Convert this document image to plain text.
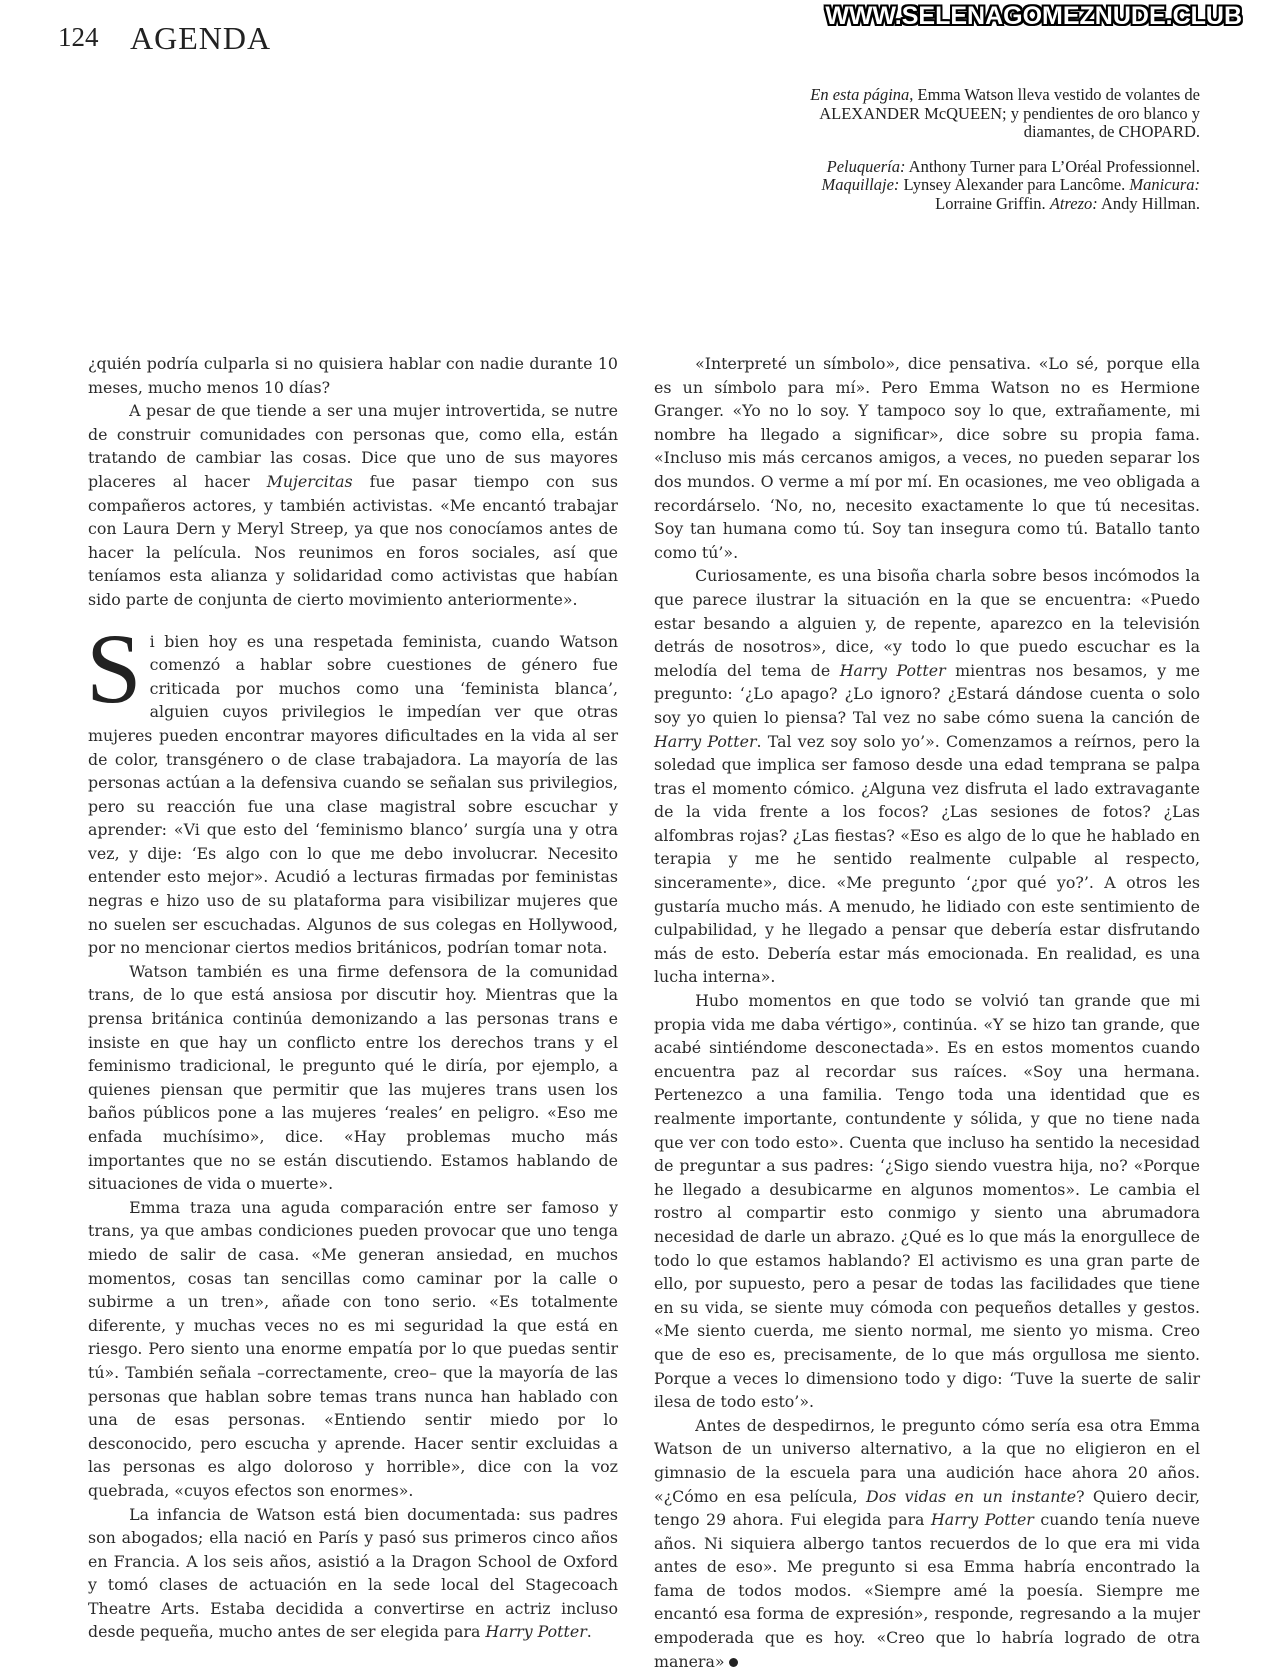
124 AGENDA
WWW.SELENAGOMEZNUDE.CLUB

En esta página, Emma Watson lleva vestido de volantes de ALEXANDER McQUEEN; y pendientes de oro blanco y diamantes, de CHOPARD.

Peluquería: Anthony Turner para L’Oréal Professionnel. Maquillaje: Lynsey Alexander para Lancôme. Manicura: Lorraine Griffin. Atrezo: Andy Hillman.

¿quién podría culparla si no quisiera hablar con nadie durante 10 meses, mucho menos 10 días?

A pesar de que tiende a ser una mujer introvertida, se nutre de construir comunidades con personas que, como ella, están tratando de cambiar las cosas. Dice que uno de sus mayores placeres al hacer Mujercitas fue pasar tiempo con sus compañeros actores, y también activistas. «Me encantó trabajar con Laura Dern y Meryl Streep, ya que nos conocíamos antes de hacer la película. Nos reunimos en foros sociales, así que teníamos esta alianza y solidaridad como activistas que habían sido parte de conjunta de cierto movimiento anteriormente».

Si bien hoy es una respetada feminista, cuando Watson comenzó a hablar sobre cuestiones de género fue criticada por muchos como una ‘feminista blanca’, alguien cuyos privilegios le impedían ver que otras mujeres pueden encontrar mayores dificultades en la vida al ser de color, transgénero o de clase trabajadora. La mayoría de las personas actúan a la defensiva cuando se señalan sus privilegios, pero su reacción fue una clase magistral sobre escuchar y aprender: «Vi que esto del ‘feminismo blanco’ surgía una y otra vez, y dije: ‘Es algo con lo que me debo involucrar. Necesito entender esto mejor». Acudió a lecturas firmadas por feministas negras e hizo uso de su plataforma para visibilizar mujeres que no suelen ser escuchadas. Algunos de sus colegas en Hollywood, por no mencionar ciertos medios británicos, podrían tomar nota.

Watson también es una firme defensora de la comunidad trans, de lo que está ansiosa por discutir hoy. Mientras que la prensa británica continúa demonizando a las personas trans e insiste en que hay un conflicto entre los derechos trans y el feminismo tradicional, le pregunto qué le diría, por ejemplo, a quienes piensan que permitir que las mujeres trans usen los baños públicos pone a las mujeres ‘reales’ en peligro. «Eso me enfada muchísimo», dice. «Hay problemas mucho más importantes que no se están discutiendo. Estamos hablando de situaciones de vida o muerte».

Emma traza una aguda comparación entre ser famoso y trans, ya que ambas condiciones pueden provocar que uno tenga miedo de salir de casa. «Me generan ansiedad, en muchos momentos, cosas tan sencillas como caminar por la calle o subirme a un tren», añade con tono serio. «Es totalmente diferente, y muchas veces no es mi seguridad la que está en riesgo. Pero siento una enorme empatía por lo que puedas sentir tú». También señala –correctamente, creo– que la mayoría de las personas que hablan sobre temas trans nunca han hablado con una de esas personas. «Entiendo sentir miedo por lo desconocido, pero escucha y aprende. Hacer sentir excluidas a las personas es algo doloroso y horrible», dice con la voz quebrada, «cuyos efectos son enormes».

La infancia de Watson está bien documentada: sus padres son abogados; ella nació en París y pasó sus primeros cinco años en Francia. A los seis años, asistió a la Dragon School de Oxford y tomó clases de actuación en la sede local del Stagecoach Theatre Arts. Estaba decidida a convertirse en actriz incluso desde pequeña, mucho antes de ser elegida para Harry Potter.

«Interpreté un símbolo», dice pensativa. «Lo sé, porque ella es un símbolo para mí». Pero Emma Watson no es Hermione Granger. «Yo no lo soy. Y tampoco soy lo que, extrañamente, mi nombre ha llegado a significar», dice sobre su propia fama. «Incluso mis más cercanos amigos, a veces, no pueden separar los dos mundos. O verme a mí por mí. En ocasiones, me veo obligada a recordárselo. ‘No, no, necesito exactamente lo que tú necesitas. Soy tan humana como tú. Soy tan insegura como tú. Batallo tanto como tú’».

Curiosamente, es una bisoña charla sobre besos incómodos la que parece ilustrar la situación en la que se encuentra: «Puedo estar besando a alguien y, de repente, aparezco en la televisión detrás de nosotros», dice, «y todo lo que puedo escuchar es la melodía del tema de Harry Potter mientras nos besamos, y me pregunto: ‘¿Lo apago? ¿Lo ignoro? ¿Estará dándose cuenta o solo soy yo quien lo piensa? Tal vez no sabe cómo suena la canción de Harry Potter. Tal vez soy solo yo’». Comenzamos a reírnos, pero la soledad que implica ser famoso desde una edad temprana se palpa tras el momento cómico. ¿Alguna vez disfruta el lado extravagante de la vida frente a los focos? ¿Las sesiones de fotos? ¿Las alfombras rojas? ¿Las fiestas? «Eso es algo de lo que he hablado en terapia y me he sentido realmente culpable al respecto, sinceramente», dice. «Me pregunto ‘¿por qué yo?’. A otros les gustaría mucho más. A menudo, he lidiado con este sentimiento de culpabilidad, y he llegado a pensar que debería estar disfrutando más de esto. Debería estar más emocionada. En realidad, es una lucha interna».

Hubo momentos en que todo se volvió tan grande que mi propia vida me daba vértigo», continúa. «Y se hizo tan grande, que acabé sintiéndome desconectada». Es en estos momentos cuando encuentra paz al recordar sus raíces. «Soy una hermana. Pertenezco a una familia. Tengo toda una identidad que es realmente importante, contundente y sólida, y que no tiene nada que ver con todo esto». Cuenta que incluso ha sentido la necesidad de preguntar a sus padres: ‘¿Sigo siendo vuestra hija, no? «Porque he llegado a desubicarme en algunos momentos». Le cambia el rostro al compartir esto conmigo y siento una abrumadora necesidad de darle un abrazo. ¿Qué es lo que más la enorgullece de todo lo que estamos hablando? El activismo es una gran parte de ello, por supuesto, pero a pesar de todas las facilidades que tiene en su vida, se siente muy cómoda con pequeños detalles y gestos. «Me siento cuerda, me siento normal, me siento yo misma. Creo que de eso es, precisamente, de lo que más orgullosa me siento. Porque a veces lo dimensiono todo y digo: ‘Tuve la suerte de salir ilesa de todo esto’».

Antes de despedirnos, le pregunto cómo sería esa otra Emma Watson de un universo alternativo, a la que no eligieron en el gimnasio de la escuela para una audición hace ahora 20 años. «¿Cómo en esa película, Dos vidas en un instante? Quiero decir, tengo 29 ahora. Fui elegida para Harry Potter cuando tenía nueve años. Ni siquiera albergo tantos recuerdos de lo que era mi vida antes de eso». Me pregunto si esa Emma habría encontrado la fama de todos modos. «Siempre amé la poesía. Siempre me encantó esa forma de expresión», responde, regresando a la mujer empoderada que es hoy. «Creo que lo habría logrado de otra manera»
